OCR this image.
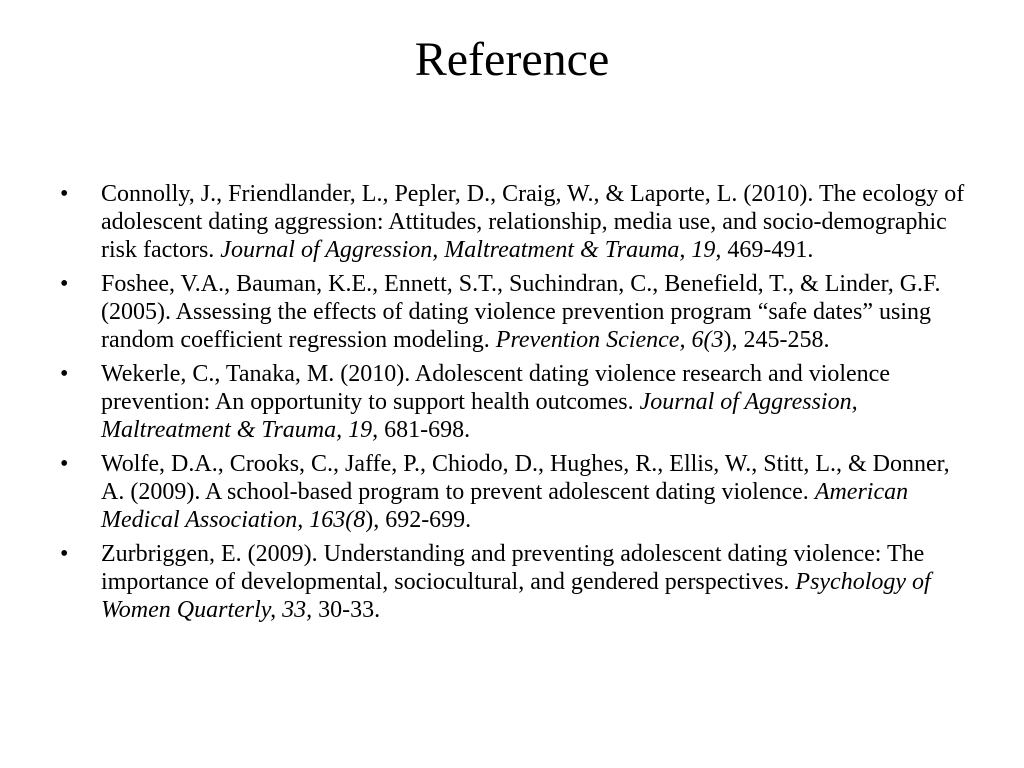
Reference
•	Connolly, J., Friendlander, L., Pepler, D., Craig, W., & Laporte, L. (2010). The ecology of adolescent dating aggression: Attitudes, relationship, media use, and socio-demographic risk factors. Journal of Aggression, Maltreatment & Trauma, 19, 469-491.
•	Foshee, V.A., Bauman, K.E., Ennett, S.T., Suchindran, C., Benefield, T., & Linder, G.F. (2005). Assessing the effects of dating violence prevention program “safe dates” using random coefficient regression modeling. Prevention Science, 6(3), 245-258.
•	Wekerle, C., Tanaka, M. (2010). Adolescent dating violence research and violence prevention: An opportunity to support health outcomes. Journal of Aggression, Maltreatment & Trauma, 19, 681-698.
•	Wolfe, D.A., Crooks, C., Jaffe, P., Chiodo, D., Hughes, R., Ellis, W., Stitt, L., & Donner, A. (2009). A school-based program to prevent adolescent dating violence. American Medical Association, 163(8), 692-699.
•	Zurbriggen, E. (2009). Understanding and preventing adolescent dating violence: The importance of developmental, sociocultural, and gendered perspectives. Psychology of Women Quarterly, 33, 30-33.
